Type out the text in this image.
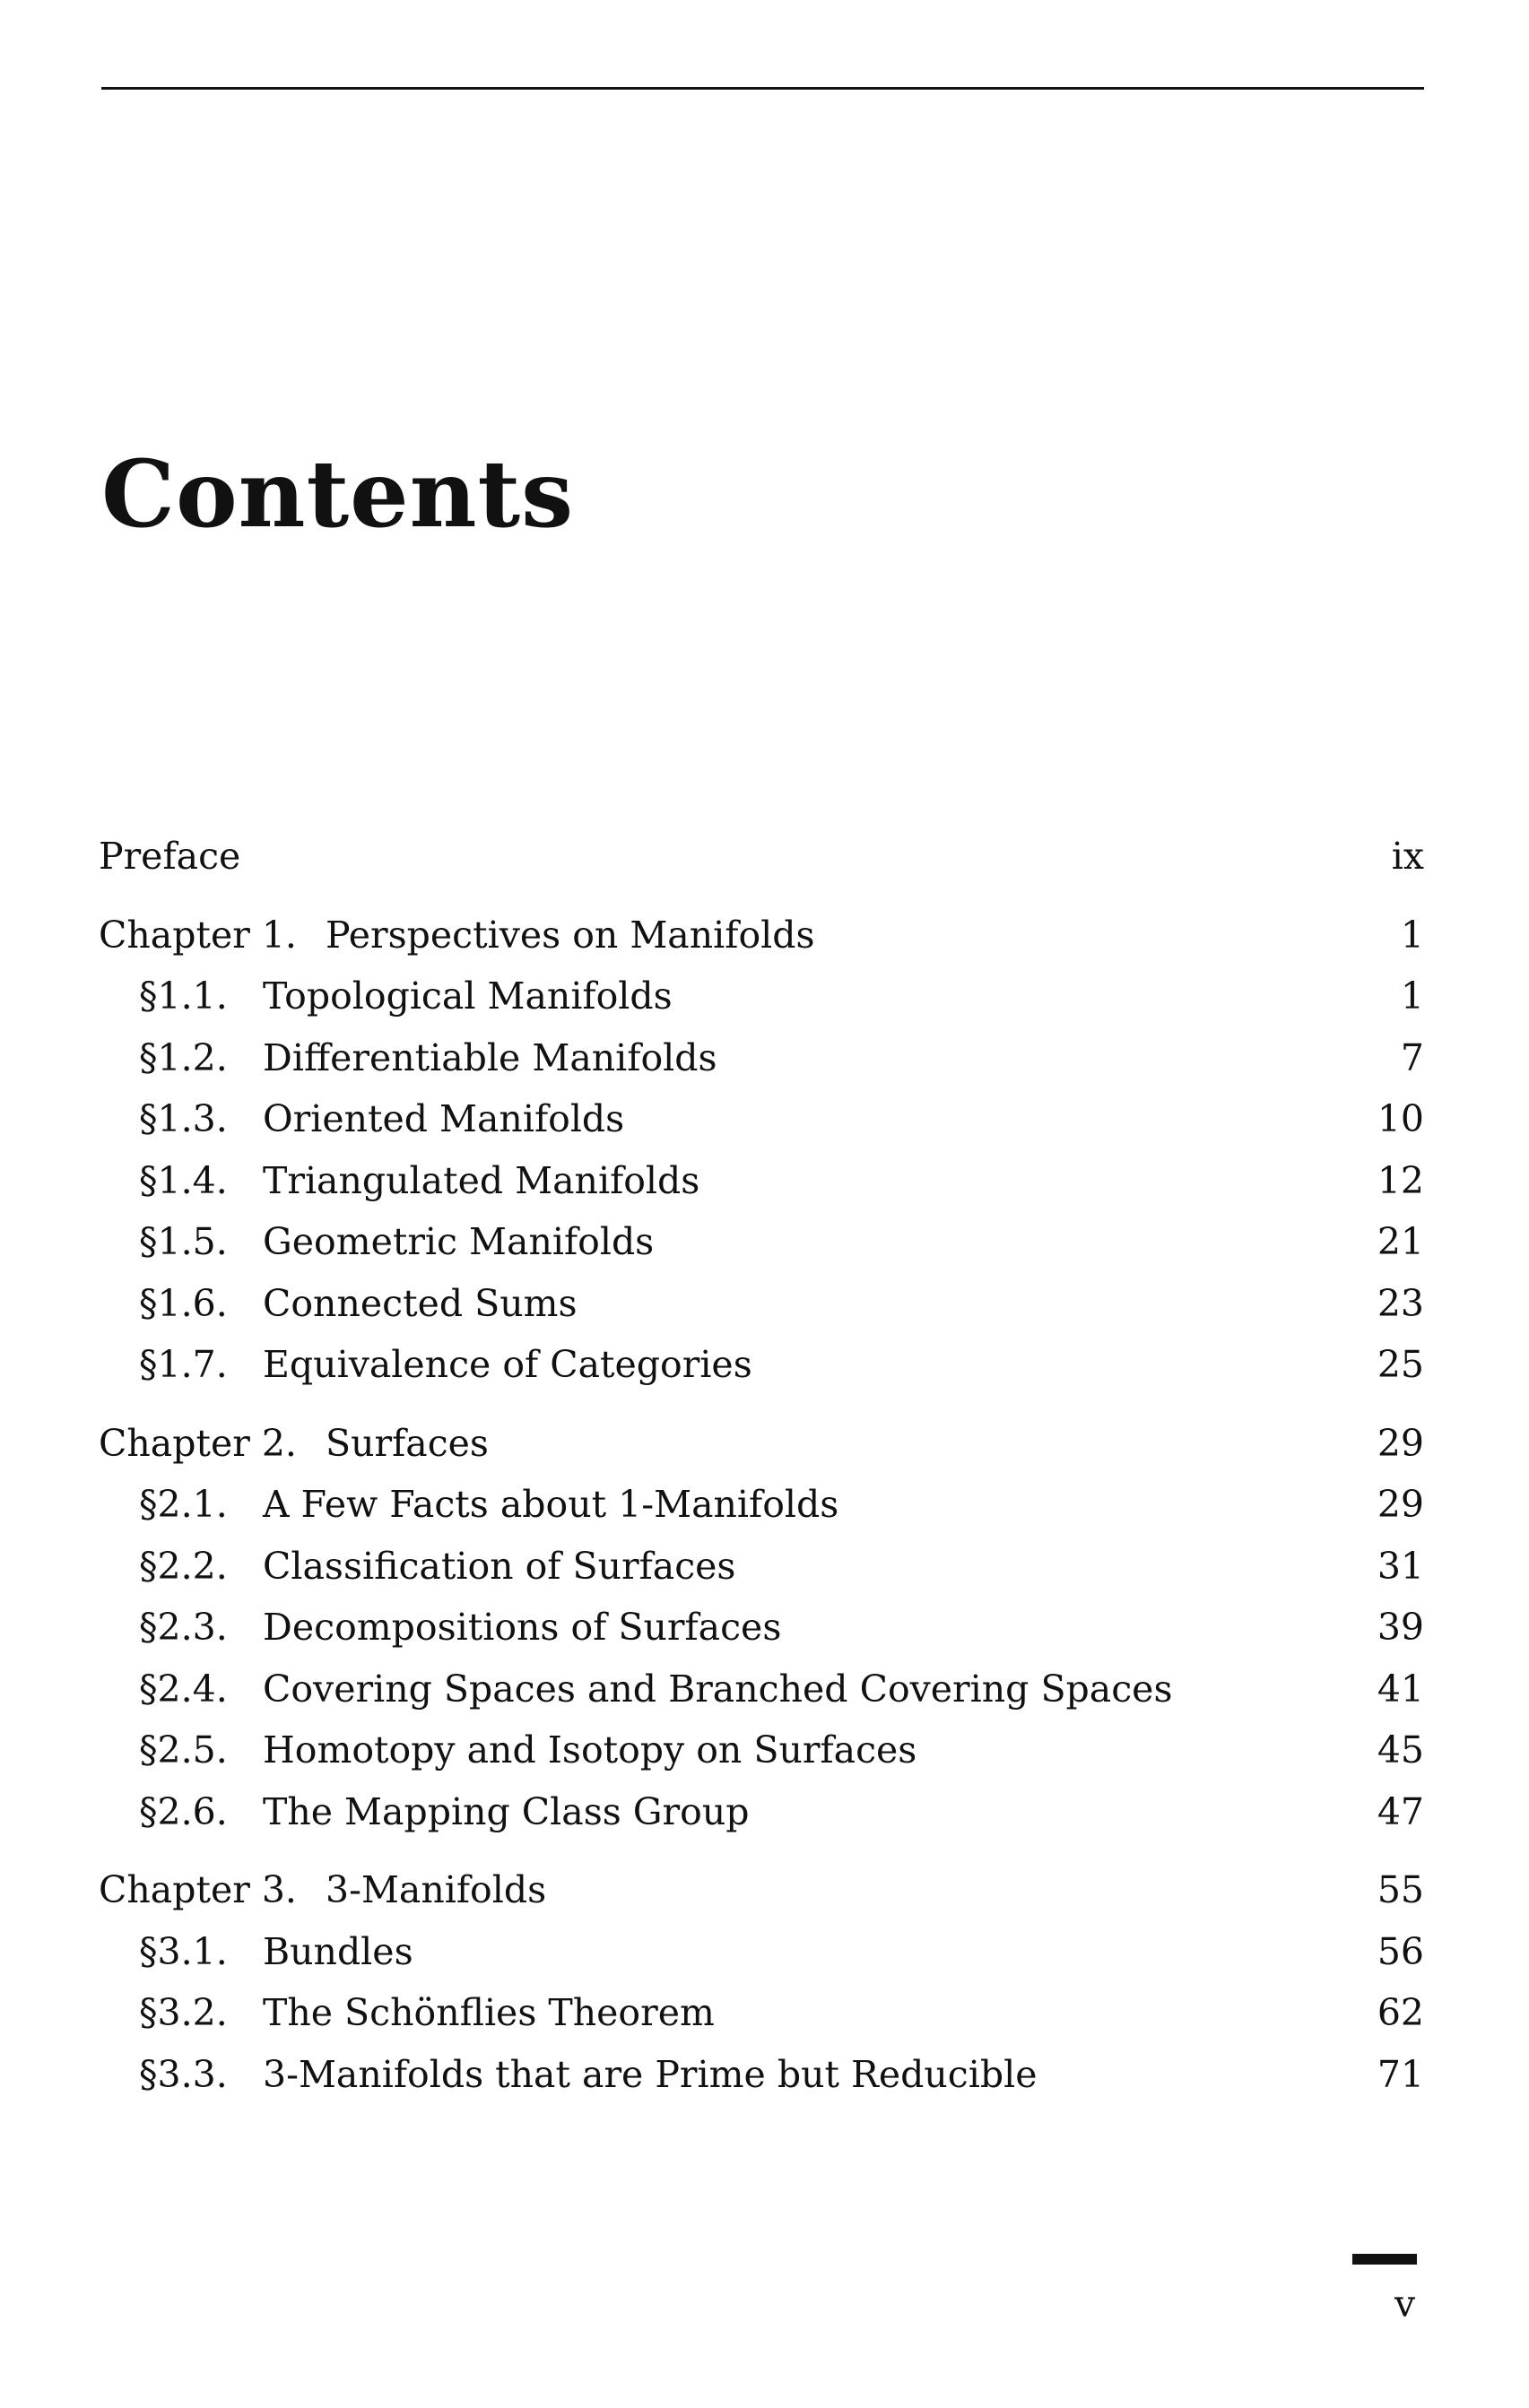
Contents
Preface	ix
Chapter 1. Perspectives on Manifolds	1
§1.1. Topological Manifolds	1
§1.2. Differentiable Manifolds	7
§1.3. Oriented Manifolds	10
§1.4. Triangulated Manifolds	12
§1.5. Geometric Manifolds	21
§1.6. Connected Sums	23
§1.7. Equivalence of Categories	25
Chapter 2. Surfaces	29
§2.1. A Few Facts about 1-Manifolds	29
§2.2. Classification of Surfaces	31
§2.3. Decompositions of Surfaces	39
§2.4. Covering Spaces and Branched Covering Spaces	41
§2.5. Homotopy and Isotopy on Surfaces	45
§2.6. The Mapping Class Group	47
Chapter 3. 3-Manifolds	55
§3.1. Bundles	56
§3.2. The Schönflies Theorem	62
§3.3. 3-Manifolds that are Prime but Reducible	71
v
